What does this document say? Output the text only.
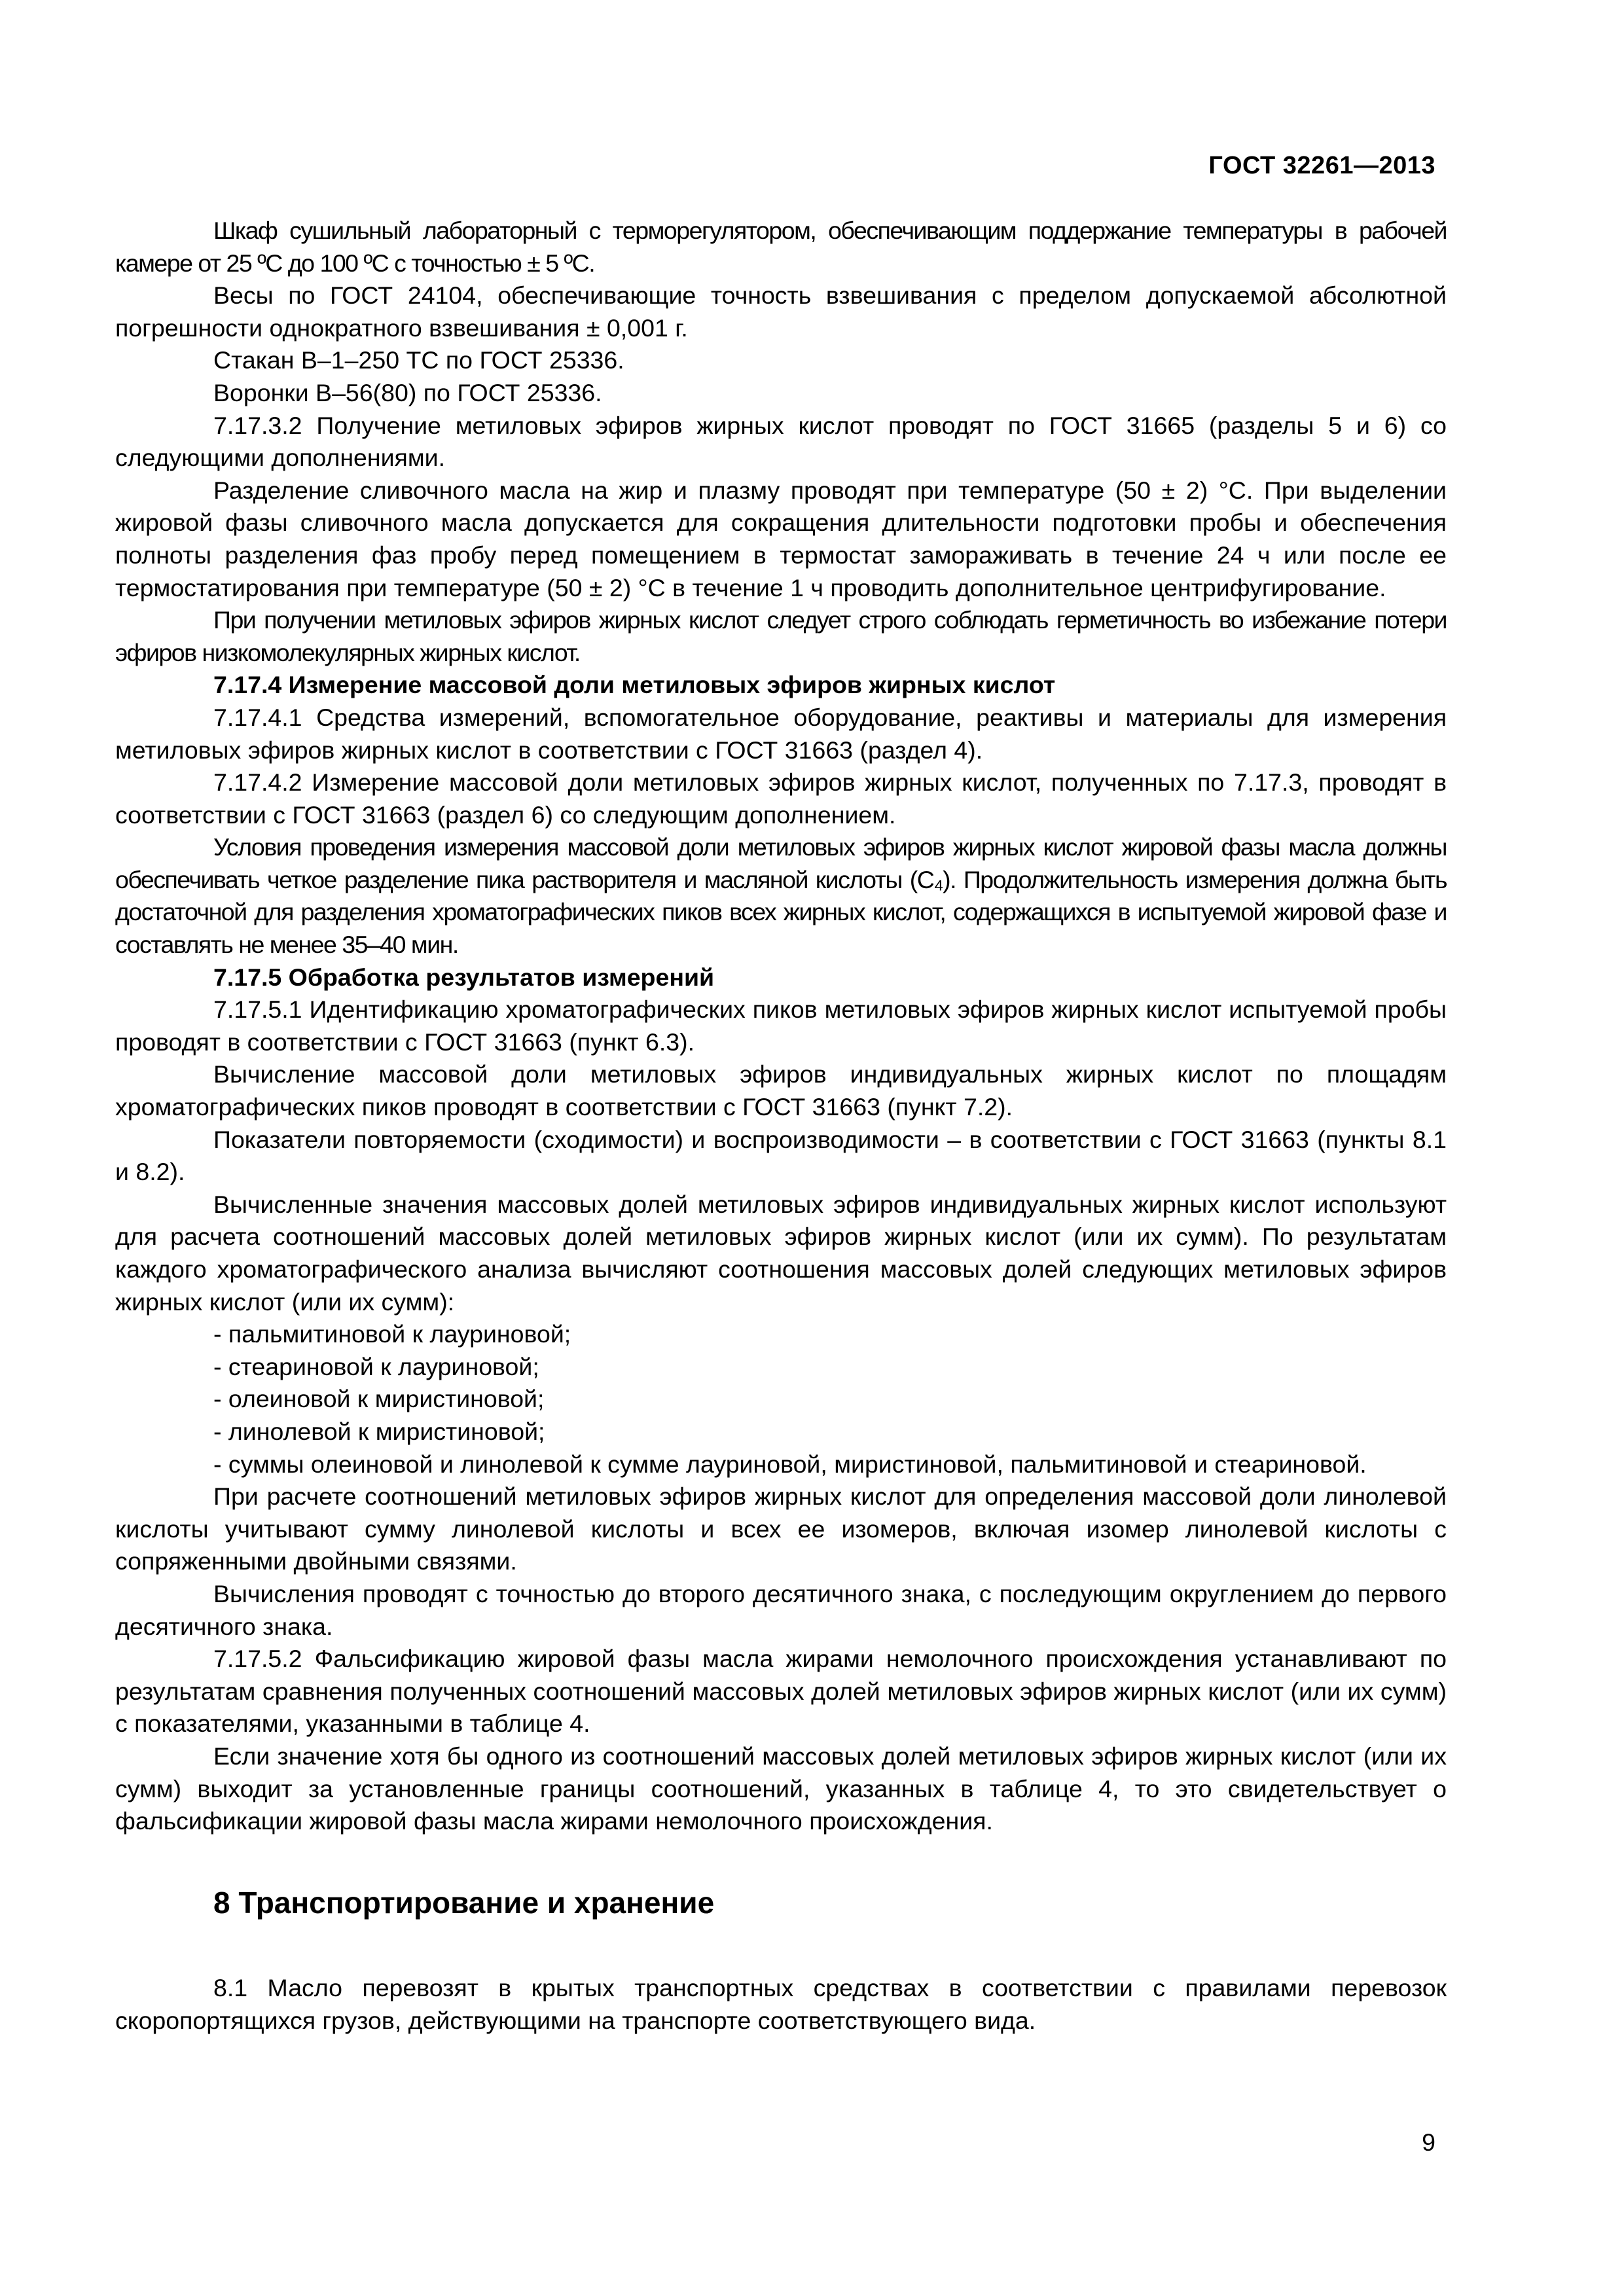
ГОСТ 32261—2013

Шкаф сушильный лабораторный с терморегулятором, обеспечивающим поддержание температуры в рабочей камере от 25 ºС до 100 ºС с точностью ± 5 ºС.

Весы по ГОСТ 24104, обеспечивающие точность взвешивания с пределом допускаемой абсолютной погрешности однократного взвешивания ± 0,001 г.

Стакан В–1–250 ТС по ГОСТ 25336.

Воронки В–56(80) по ГОСТ 25336.

7.17.3.2 Получение метиловых эфиров жирных кислот проводят по ГОСТ 31665 (разделы 5 и 6) со следующими дополнениями.

Разделение сливочного масла на жир и плазму проводят при температуре (50 ± 2) °С. При выделении жировой фазы сливочного масла допускается для сокращения длительности подготовки пробы и обеспечения полноты разделения фаз пробу перед помещением в термостат замораживать в течение 24 ч или после ее термостатирования при температуре (50 ± 2) °С в течение 1 ч проводить дополнительное центрифугирование.

При получении метиловых эфиров жирных кислот следует строго соблюдать герметичность во избежание потери эфиров низкомолекулярных жирных кислот.

7.17.4 Измерение массовой доли метиловых эфиров жирных кислот

7.17.4.1 Средства измерений, вспомогательное оборудование, реактивы и материалы для измерения метиловых эфиров жирных кислот в соответствии с ГОСТ 31663 (раздел 4).

7.17.4.2 Измерение массовой доли метиловых эфиров жирных кислот, полученных по 7.17.3, проводят в соответствии с ГОСТ 31663 (раздел 6) со следующим дополнением.

Условия проведения измерения массовой доли метиловых эфиров жирных кислот жировой фазы масла должны обеспечивать четкое разделение пика растворителя и масляной кислоты (С₄). Продолжительность измерения должна быть достаточной для разделения хроматографических пиков всех жирных кислот, содержащихся в испытуемой жировой фазе и составлять не менее 35–40 мин.

7.17.5 Обработка результатов измерений

7.17.5.1 Идентификацию хроматографических пиков метиловых эфиров жирных кислот испытуемой пробы проводят в соответствии с ГОСТ 31663 (пункт 6.3).

Вычисление массовой доли метиловых эфиров индивидуальных жирных кислот по площадям хроматографических пиков проводят в соответствии с ГОСТ 31663 (пункт 7.2).

Показатели повторяемости (сходимости) и воспроизводимости – в соответствии с ГОСТ 31663 (пункты 8.1 и 8.2).

Вычисленные значения массовых долей метиловых эфиров индивидуальных жирных кислот используют для расчета соотношений массовых долей метиловых эфиров жирных кислот (или их сумм). По результатам каждого хроматографического анализа вычисляют соотношения массовых долей следующих метиловых эфиров жирных кислот (или их сумм):

- пальмитиновой к лауриновой;

- стеариновой к лауриновой;

- олеиновой к миристиновой;

- линолевой к миристиновой;

- суммы олеиновой и линолевой к сумме лауриновой, миристиновой, пальмитиновой и стеариновой.

При расчете соотношений метиловых эфиров жирных кислот для определения массовой доли линолевой кислоты учитывают сумму линолевой кислоты и всех ее изомеров, включая изомер линолевой кислоты с сопряженными двойными связями.

Вычисления проводят с точностью до второго десятичного знака, с последующим округлением до первого десятичного знака.

7.17.5.2 Фальсификацию жировой фазы масла жирами немолочного происхождения устанавливают по результатам сравнения полученных соотношений массовых долей метиловых эфиров жирных кислот (или их сумм) с показателями, указанными в таблице 4.

Если значение хотя бы одного из соотношений массовых долей метиловых эфиров жирных кислот (или их сумм) выходит за установленные границы соотношений, указанных в таблице 4, то это свидетельствует о фальсификации жировой фазы масла жирами немолочного происхождения.

8 Транспортирование и хранение

8.1 Масло перевозят в крытых транспортных средствах в соответствии с правилами перевозок скоропортящихся грузов, действующими на транспорте соответствующего вида.

9
